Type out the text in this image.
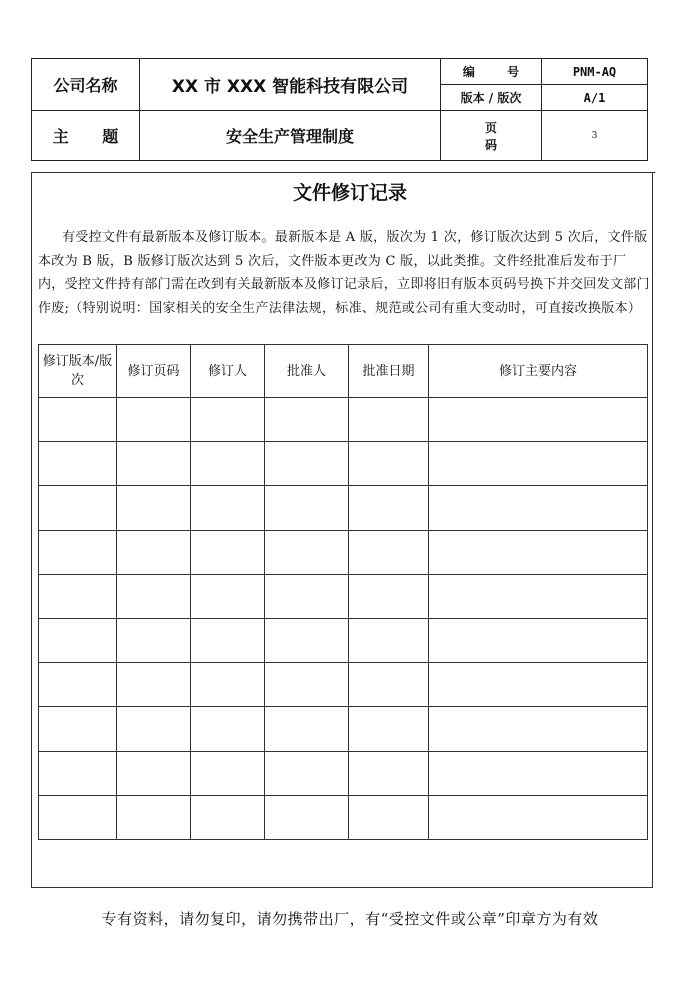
公司名称	XX 市 XXX 智能科技有限公司	编 号	PNM-AQ
		版本 / 版次	A/1
主 题	安全生产管理制度	页 码	3
文件修订记录
有受控文件有最新版本及修订版本。最新版本是 A 版，版次为 1 次，修订版次达到 5 次后，文件版本改为 B 版，B 版修订版次达到 5 次后，文件版本更改为 C 版，以此类推。文件经批准后发布于厂内，受控文件持有部门需在改到有关最新版本及修订记录后，立即将旧有版本页码号换下并交回发文部门作废;（特别说明：国家相关的安全生产法律法规，标准、规范或公司有重大变动时，可直接改换版本）
修订版本/版次	修订页码	修订人	批准人	批准日期	修订主要内容

专有资料，请勿复印，请勿携带出厂，有“受控文件或公章”印章方为有效
